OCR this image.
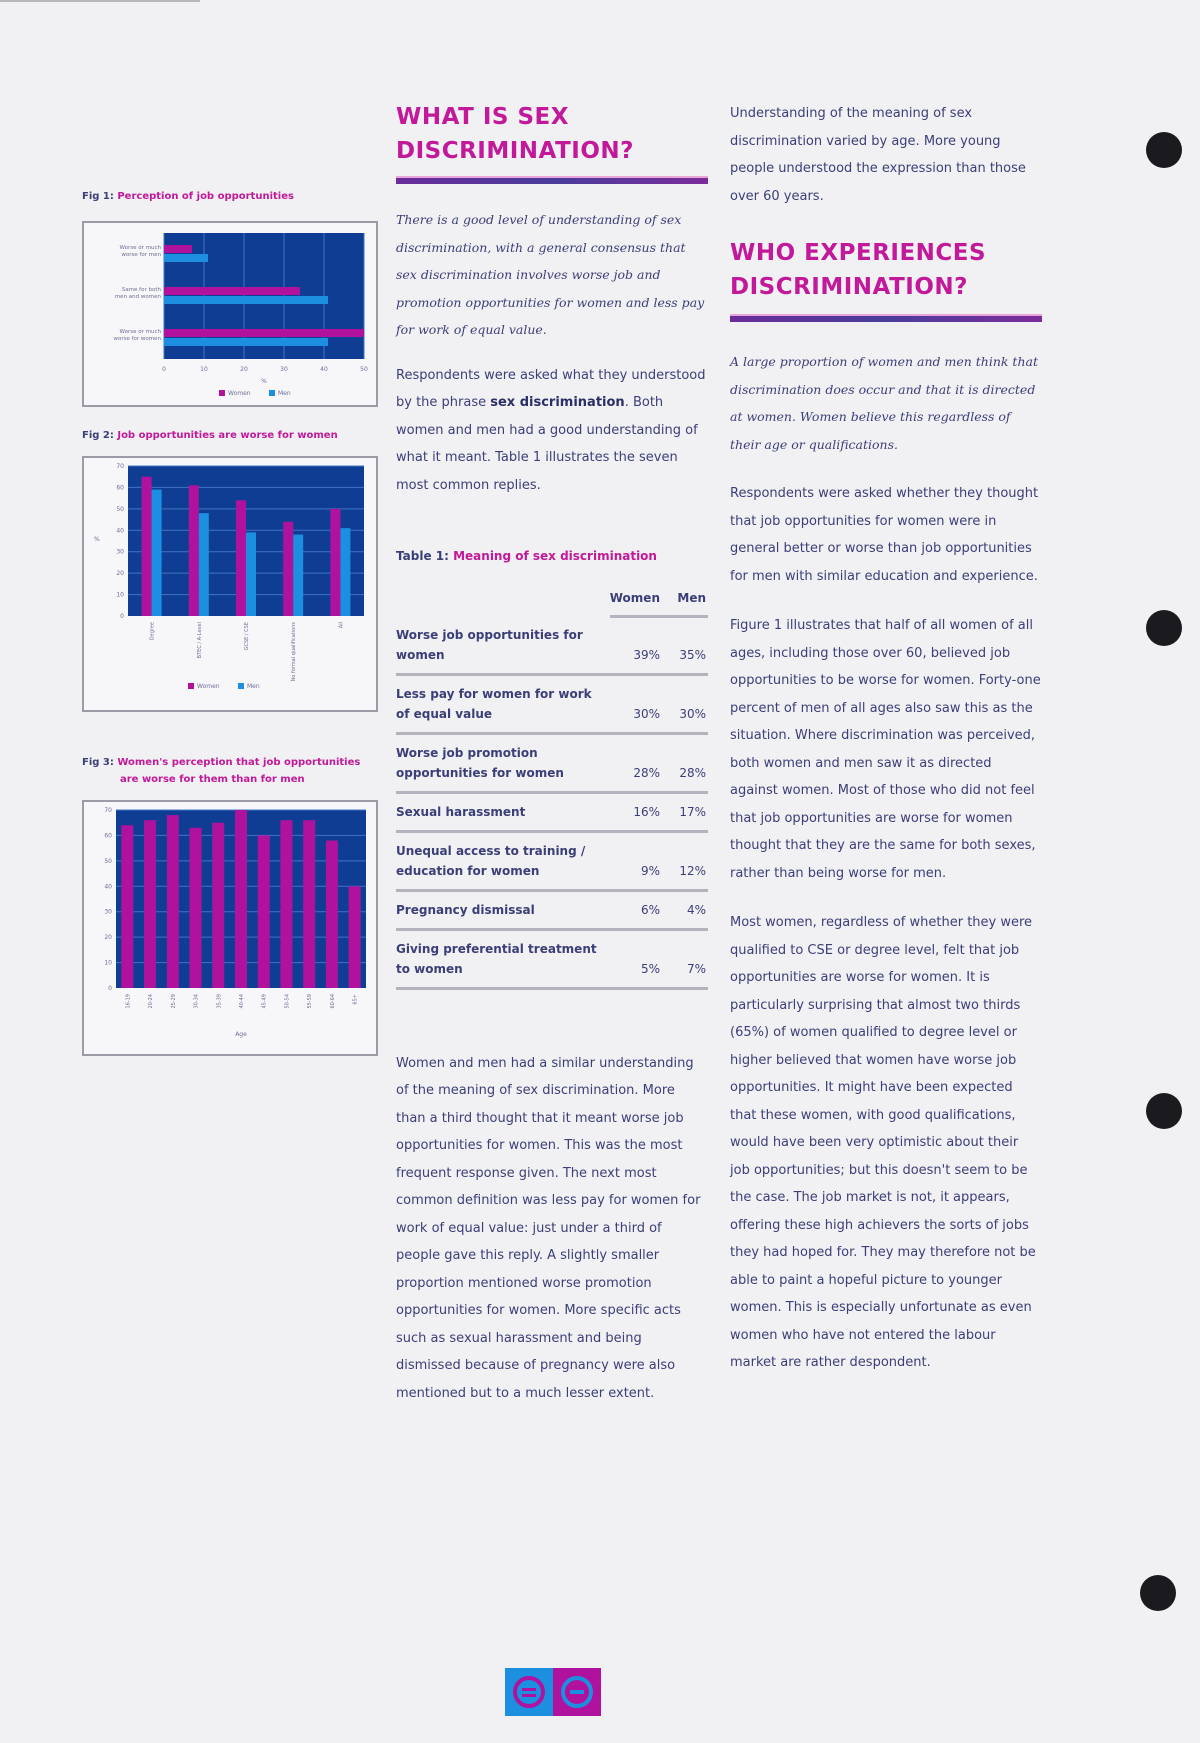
Fig 1: Perception of job opportunities
0	10	20	30	40	50
%
Worse or much worse for men
Same for both men and women
Worse or much worse for women
Women	Men
Fig 2: Job opportunities are worse for women
0
10
20
30
40
50
60
70
%
Degree	BTEC / A-Level	GCSE / CSE	No formal qualifications	All
Women	Men
Fig 3: Women's perception that job opportunities are worse for them than for men
0
10
20
30
40
50
60
70
16-19	20-24	25-29	30-34	35-39	40-44	45-49	50-54	55-59	60-64	65+
Age
WHAT IS SEX DISCRIMINATION?

There is a good level of understanding of sex discrimination, with a general consensus that sex discrimination involves worse job and promotion opportunities for women and less pay for work of equal value.

Respondents were asked what they understood by the phrase sex discrimination. Both women and men had a good understanding of what it meant. Table 1 illustrates the seven most common replies.

Table 1: Meaning of sex discrimination
	Women	Men
Worse job opportunities for women	39%	35%
Less pay for women for work of equal value	30%	30%
Worse job promotion opportunities for women	28%	28%
Sexual harassment	16%	17%
Unequal access to training / education for women	9%	12%
Pregnancy dismissal	6%	4%
Giving preferential treatment to women	5%	7%

Women and men had a similar understanding of the meaning of sex discrimination. More than a third thought that it meant worse job opportunities for women. This was the most frequent response given. The next most common definition was less pay for women for work of equal value: just under a third of people gave this reply. A slightly smaller proportion mentioned worse promotion opportunities for women. More specific acts such as sexual harassment and being dismissed because of pregnancy were also mentioned but to a much lesser extent.

Understanding of the meaning of sex discrimination varied by age. More young people understood the expression than those over 60 years.

WHO EXPERIENCES DISCRIMINATION?

A large proportion of women and men think that discrimination does occur and that it is directed at women. Women believe this regardless of their age or qualifications.

Respondents were asked whether they thought that job opportunities for women were in general better or worse than job opportunities for men with similar education and experience.

Figure 1 illustrates that half of all women of all ages, including those over 60, believed job opportunities to be worse for women. Forty-one percent of men of all ages also saw this as the situation. Where discrimination was perceived, both women and men saw it as directed against women. Most of those who did not feel that job opportunities are worse for women thought that they are the same for both sexes, rather than being worse for men.

Most women, regardless of whether they were qualified to CSE or degree level, felt that job opportunities are worse for women. It is particularly surprising that almost two thirds (65%) of women qualified to degree level or higher believed that women have worse job opportunities. It might have been expected that these women, with good qualifications, would have been very optimistic about their job opportunities; but this doesn't seem to be the case. The job market is not, it appears, offering these high achievers the sorts of jobs they had hoped for. They may therefore not be able to paint a hopeful picture to younger women. This is especially unfortunate as even women who have not entered the labour market are rather despondent.
